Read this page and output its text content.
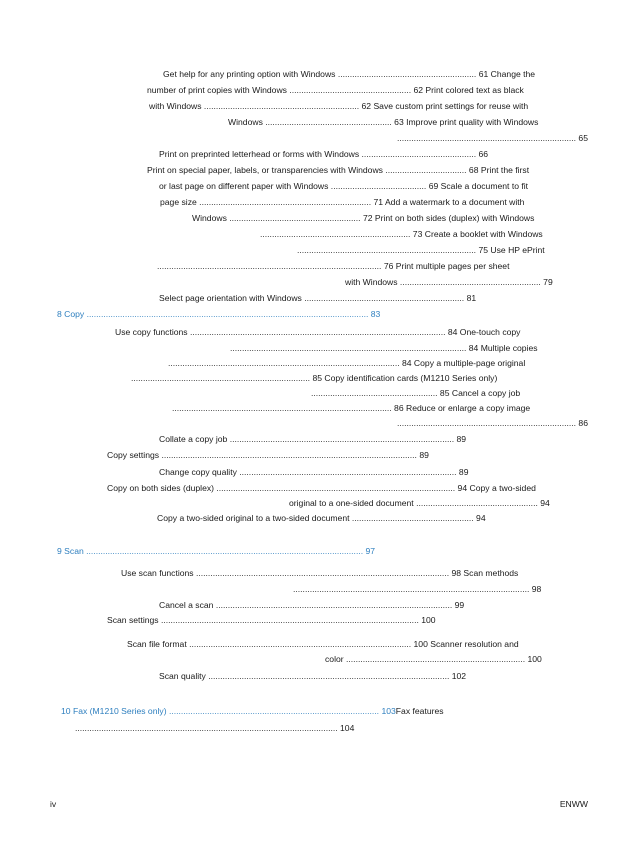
Get help for any printing option with Windows .......................................................... 61 Change the
number of print copies with Windows ................................................... 62 Print colored text as black
with Windows ................................................................. 62 Save custom print settings for reuse with
Windows ..................................................... 63 Improve print quality with Windows
........................................................................... 65
Print on preprinted letterhead or forms with Windows ................................................ 66
Print on special paper, labels, or transparencies with Windows .................................. 68 Print the first
or last page on different paper with Windows ........................................ 69 Scale a document to fit
page size ........................................................................ 71 Add a watermark to a document with
Windows ....................................................... 72 Print on both sides (duplex) with Windows
............................................................... 73 Create a booklet with Windows
........................................................................... 75 Use HP ePrint
.............................................................................................. 76 Print multiple pages per sheet
with Windows ........................................................... 79
Select page orientation with Windows ................................................................... 81
8 Copy ...................................................................................................................... 83
Use copy functions ........................................................................................................... 84 One-touch copy
................................................................................................... 84 Multiple copies
................................................................................................. 84 Copy a multiple-page original
........................................................................... 85 Copy identification cards (M1210 Series only)
..................................................... 85 Cancel a copy job
............................................................................................ 86 Reduce or enlarge a copy image
........................................................................... 86
Collate a copy job .............................................................................................. 89
Copy settings ........................................................................................................... 89
Change copy quality ........................................................................................... 89
Copy on both sides (duplex) .................................................................................................... 94 Copy a two-sided
original to a one-sided document ................................................... 94
Copy a two-sided original to a two-sided document ................................................... 94
9 Scan .................................................................................................................... 97
Use scan functions .......................................................................................................... 98 Scan methods
................................................................................................... 98
Cancel a scan ................................................................................................... 99
Scan settings ............................................................................................................ 100
Scan file format ............................................................................................. 100 Scanner resolution and
color ........................................................................... 100
Scan quality ..................................................................................................... 102
10 Fax (M1210 Series only) ........................................................................................ 103Fax features
.............................................................................................................. 104
iv	ENWW
